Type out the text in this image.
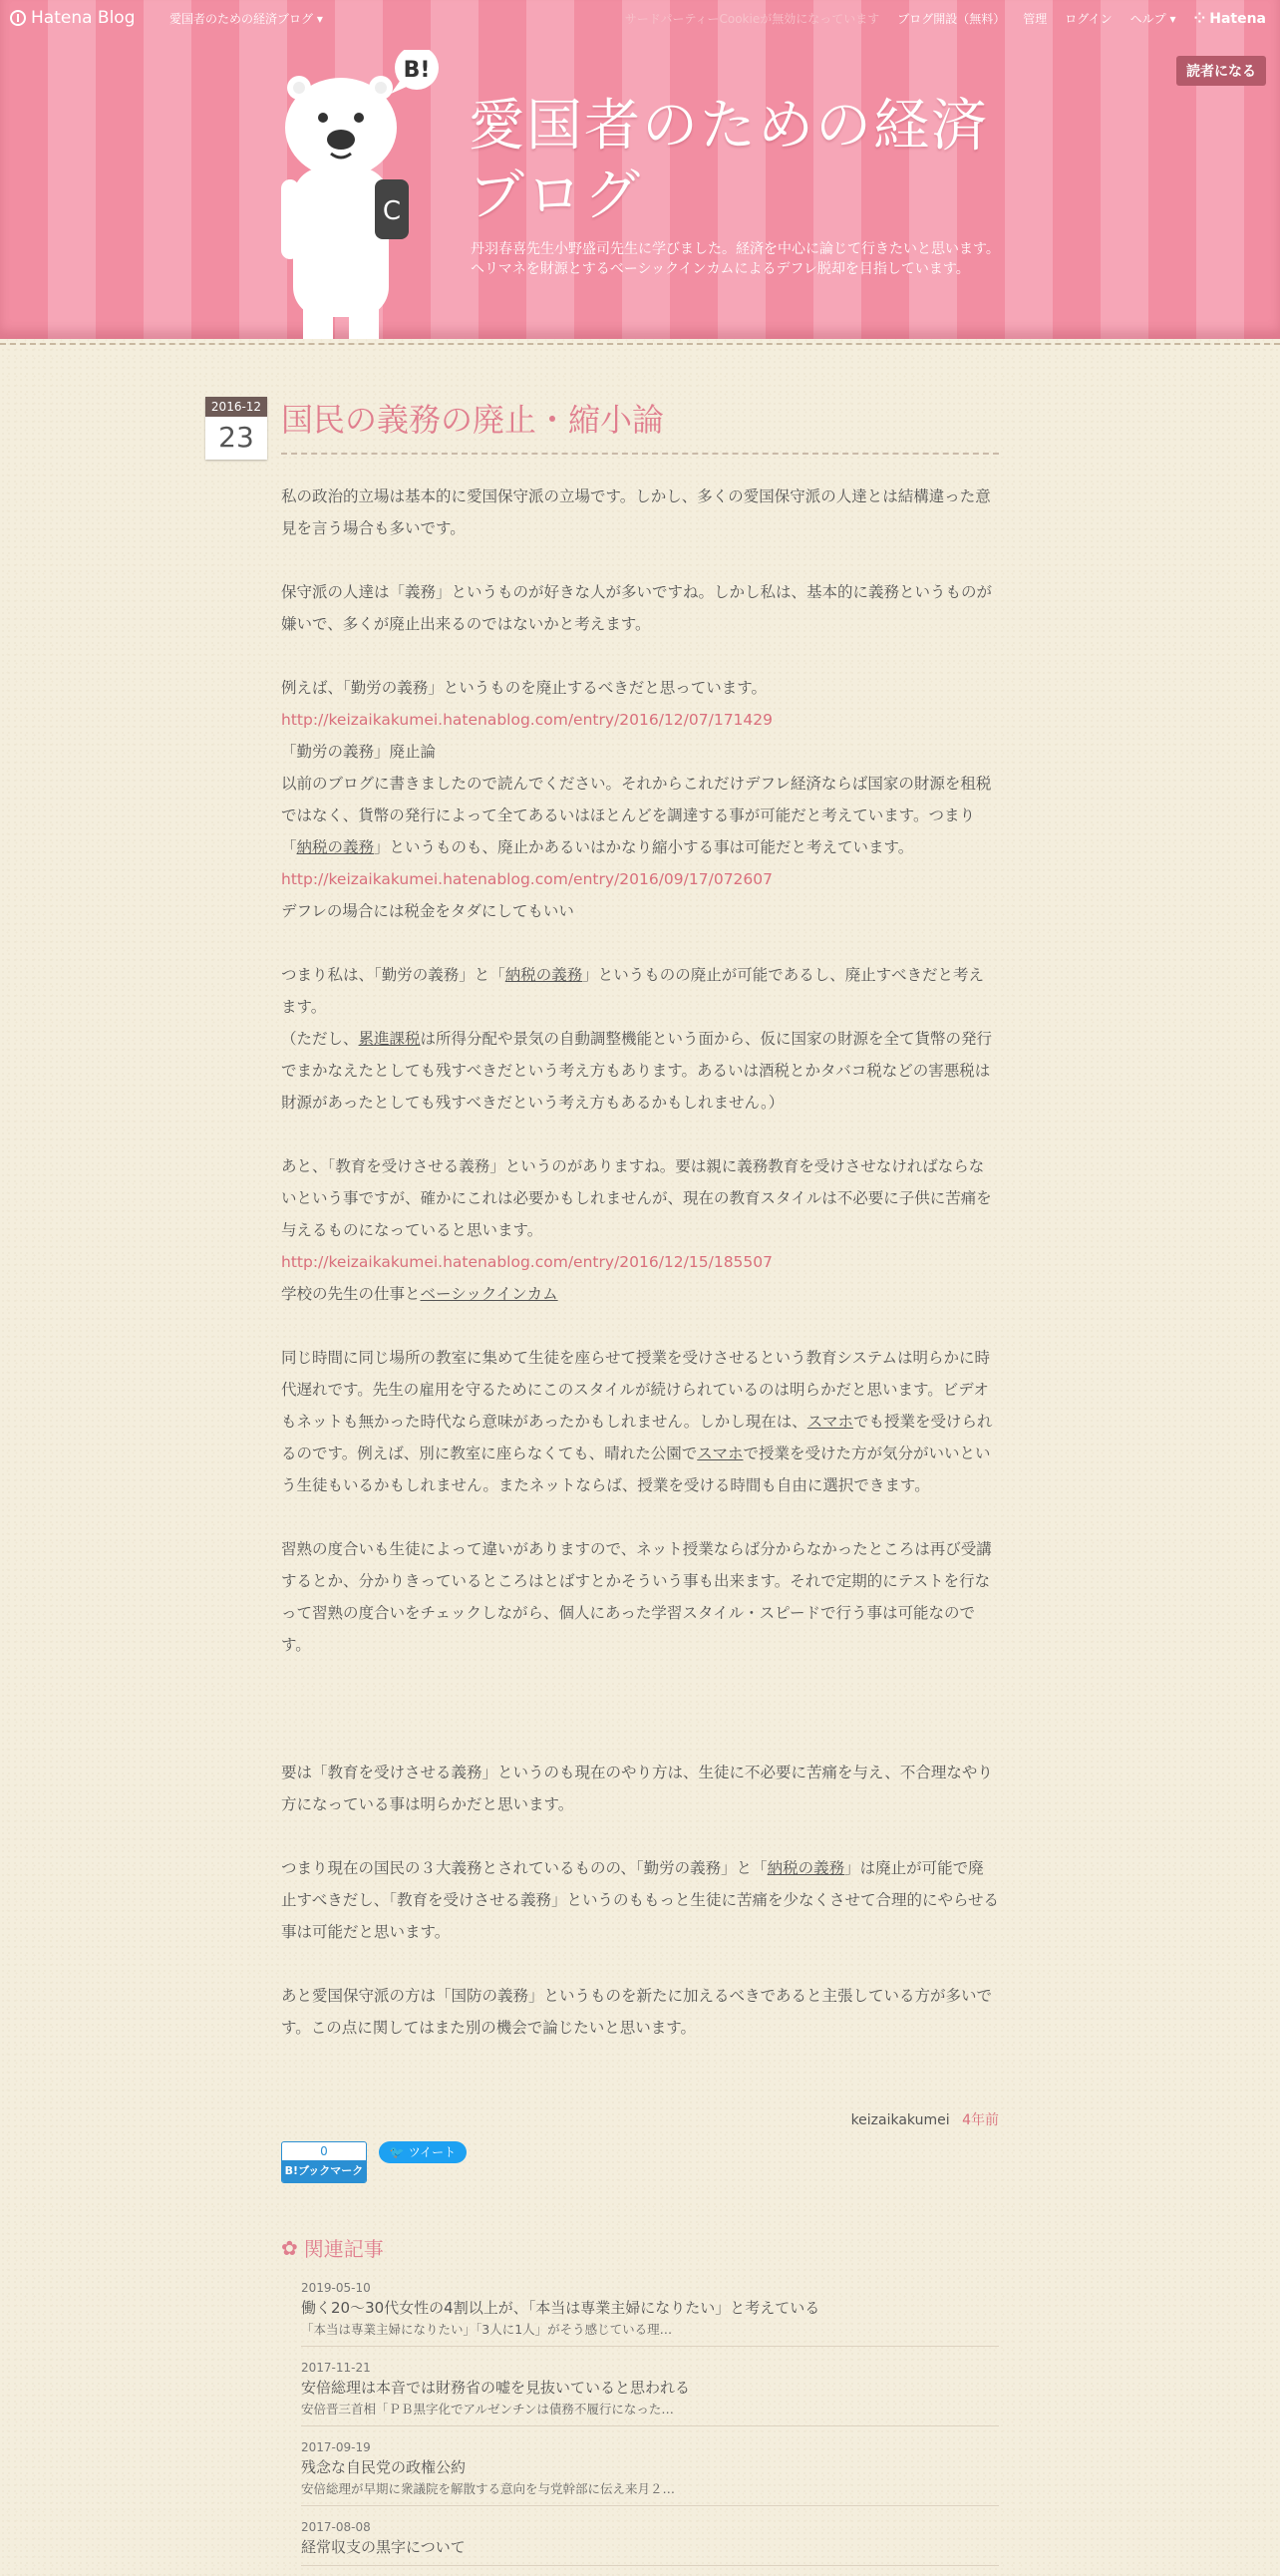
B!
C
愛国者のための経済ブログ
丹羽春喜先生小野盛司先生に学びました。経済を中心に論じて行きたいと思います。ヘリマネを財源とするベーシックインカムによるデフレ脱却を目指しています。
読者になる
Hatena Blog	愛国者のための経済ブログ ▾	サードパーティーCookieが無効になっています ブログ開設（無料） 管理 ログイン ヘルプ ▾ ⁘ Hatena
2016-12
23 国民の義務の廃止・縮小論

私の政治的立場は基本的に愛国保守派の立場です。しかし、多くの愛国保守派の人達とは結構違った意見を言う場合も多いです。

保守派の人達は「義務」というものが好きな人が多いですね。しかし私は、基本的に義務というものが嫌いで、多くが廃止出来るのではないかと考えます。

例えば、「勤労の義務」というものを廃止するべきだと思っています。

http://keizaikakumei.hatenablog.com/entry/2016/12/07/171429

「勤労の義務」廃止論

以前のブログに書きましたので読んでください。それからこれだけデフレ経済ならば国家の財源を租税ではなく、貨幣の発行によって全てあるいはほとんどを調達する事が可能だと考えています。つまり「納税の義務」というものも、廃止かあるいはかなり縮小する事は可能だと考えています。

http://keizaikakumei.hatenablog.com/entry/2016/09/17/072607

デフレの場合には税金をタダにしてもいい

つまり私は、「勤労の義務」と「納税の義務」というものの廃止が可能であるし、廃止すべきだと考えます。

（ただし、累進課税は所得分配や景気の自動調整機能という面から、仮に国家の財源を全て貨幣の発行でまかなえたとしても残すべきだという考え方もあります。あるいは酒税とかタバコ税などの害悪税は財源があったとしても残すべきだという考え方もあるかもしれません。）

あと、「教育を受けさせる義務」というのがありますね。要は親に義務教育を受けさせなければならないという事ですが、確かにこれは必要かもしれませんが、現在の教育スタイルは不必要に子供に苦痛を与えるものになっていると思います。

http://keizaikakumei.hatenablog.com/entry/2016/12/15/185507

学校の先生の仕事とベーシックインカム

同じ時間に同じ場所の教室に集めて生徒を座らせて授業を受けさせるという教育システムは明らかに時代遅れです。先生の雇用を守るためにこのスタイルが続けられているのは明らかだと思います。ビデオもネットも無かった時代なら意味があったかもしれません。しかし現在は、スマホでも授業を受けられるのです。例えば、別に教室に座らなくても、晴れた公園でスマホで授業を受けた方が気分がいいという生徒もいるかもしれません。またネットならば、授業を受ける時間も自由に選択できます。

習熟の度合いも生徒によって違いがありますので、ネット授業ならば分からなかったところは再び受講するとか、分かりきっているところはとばすとかそういう事も出来ます。それで定期的にテストを行なって習熟の度合いをチェックしながら、個人にあった学習スタイル・スピードで行う事は可能なのです。

要は「教育を受けさせる義務」というのも現在のやり方は、生徒に不必要に苦痛を与え、不合理なやり方になっている事は明らかだと思います。

つまり現在の国民の３大義務とされているものの、「勤労の義務」と「納税の義務」は廃止が可能で廃止すべきだし、「教育を受けさせる義務」というのももっと生徒に苦痛を少なくさせて合理的にやらせる事は可能だと思います。

あと愛国保守派の方は「国防の義務」というものを新たに加えるべきであると主張している方が多いです。この点に関してはまた別の機会で論じたいと思います。

keizaikakumei 4年前
0
B!ブックマーク
🐦 ツイート
✿ 関連記事
2019-05-10
働く20～30代女性の4割以上が、「本当は専業主婦になりたい」と考えている
「本当は専業主婦になりたい」「3人に1人」がそう感じている理…
2017-11-21
安倍総理は本音では財務省の嘘を見抜いていると思われる
安倍晋三首相「ＰＢ黒字化でアルゼンチンは債務不履行になった…
2017-09-19
残念な自民党の政権公約
安倍総理が早期に衆議院を解散する意向を与党幹部に伝え来月２…
2017-08-08
経常収支の黒字について
